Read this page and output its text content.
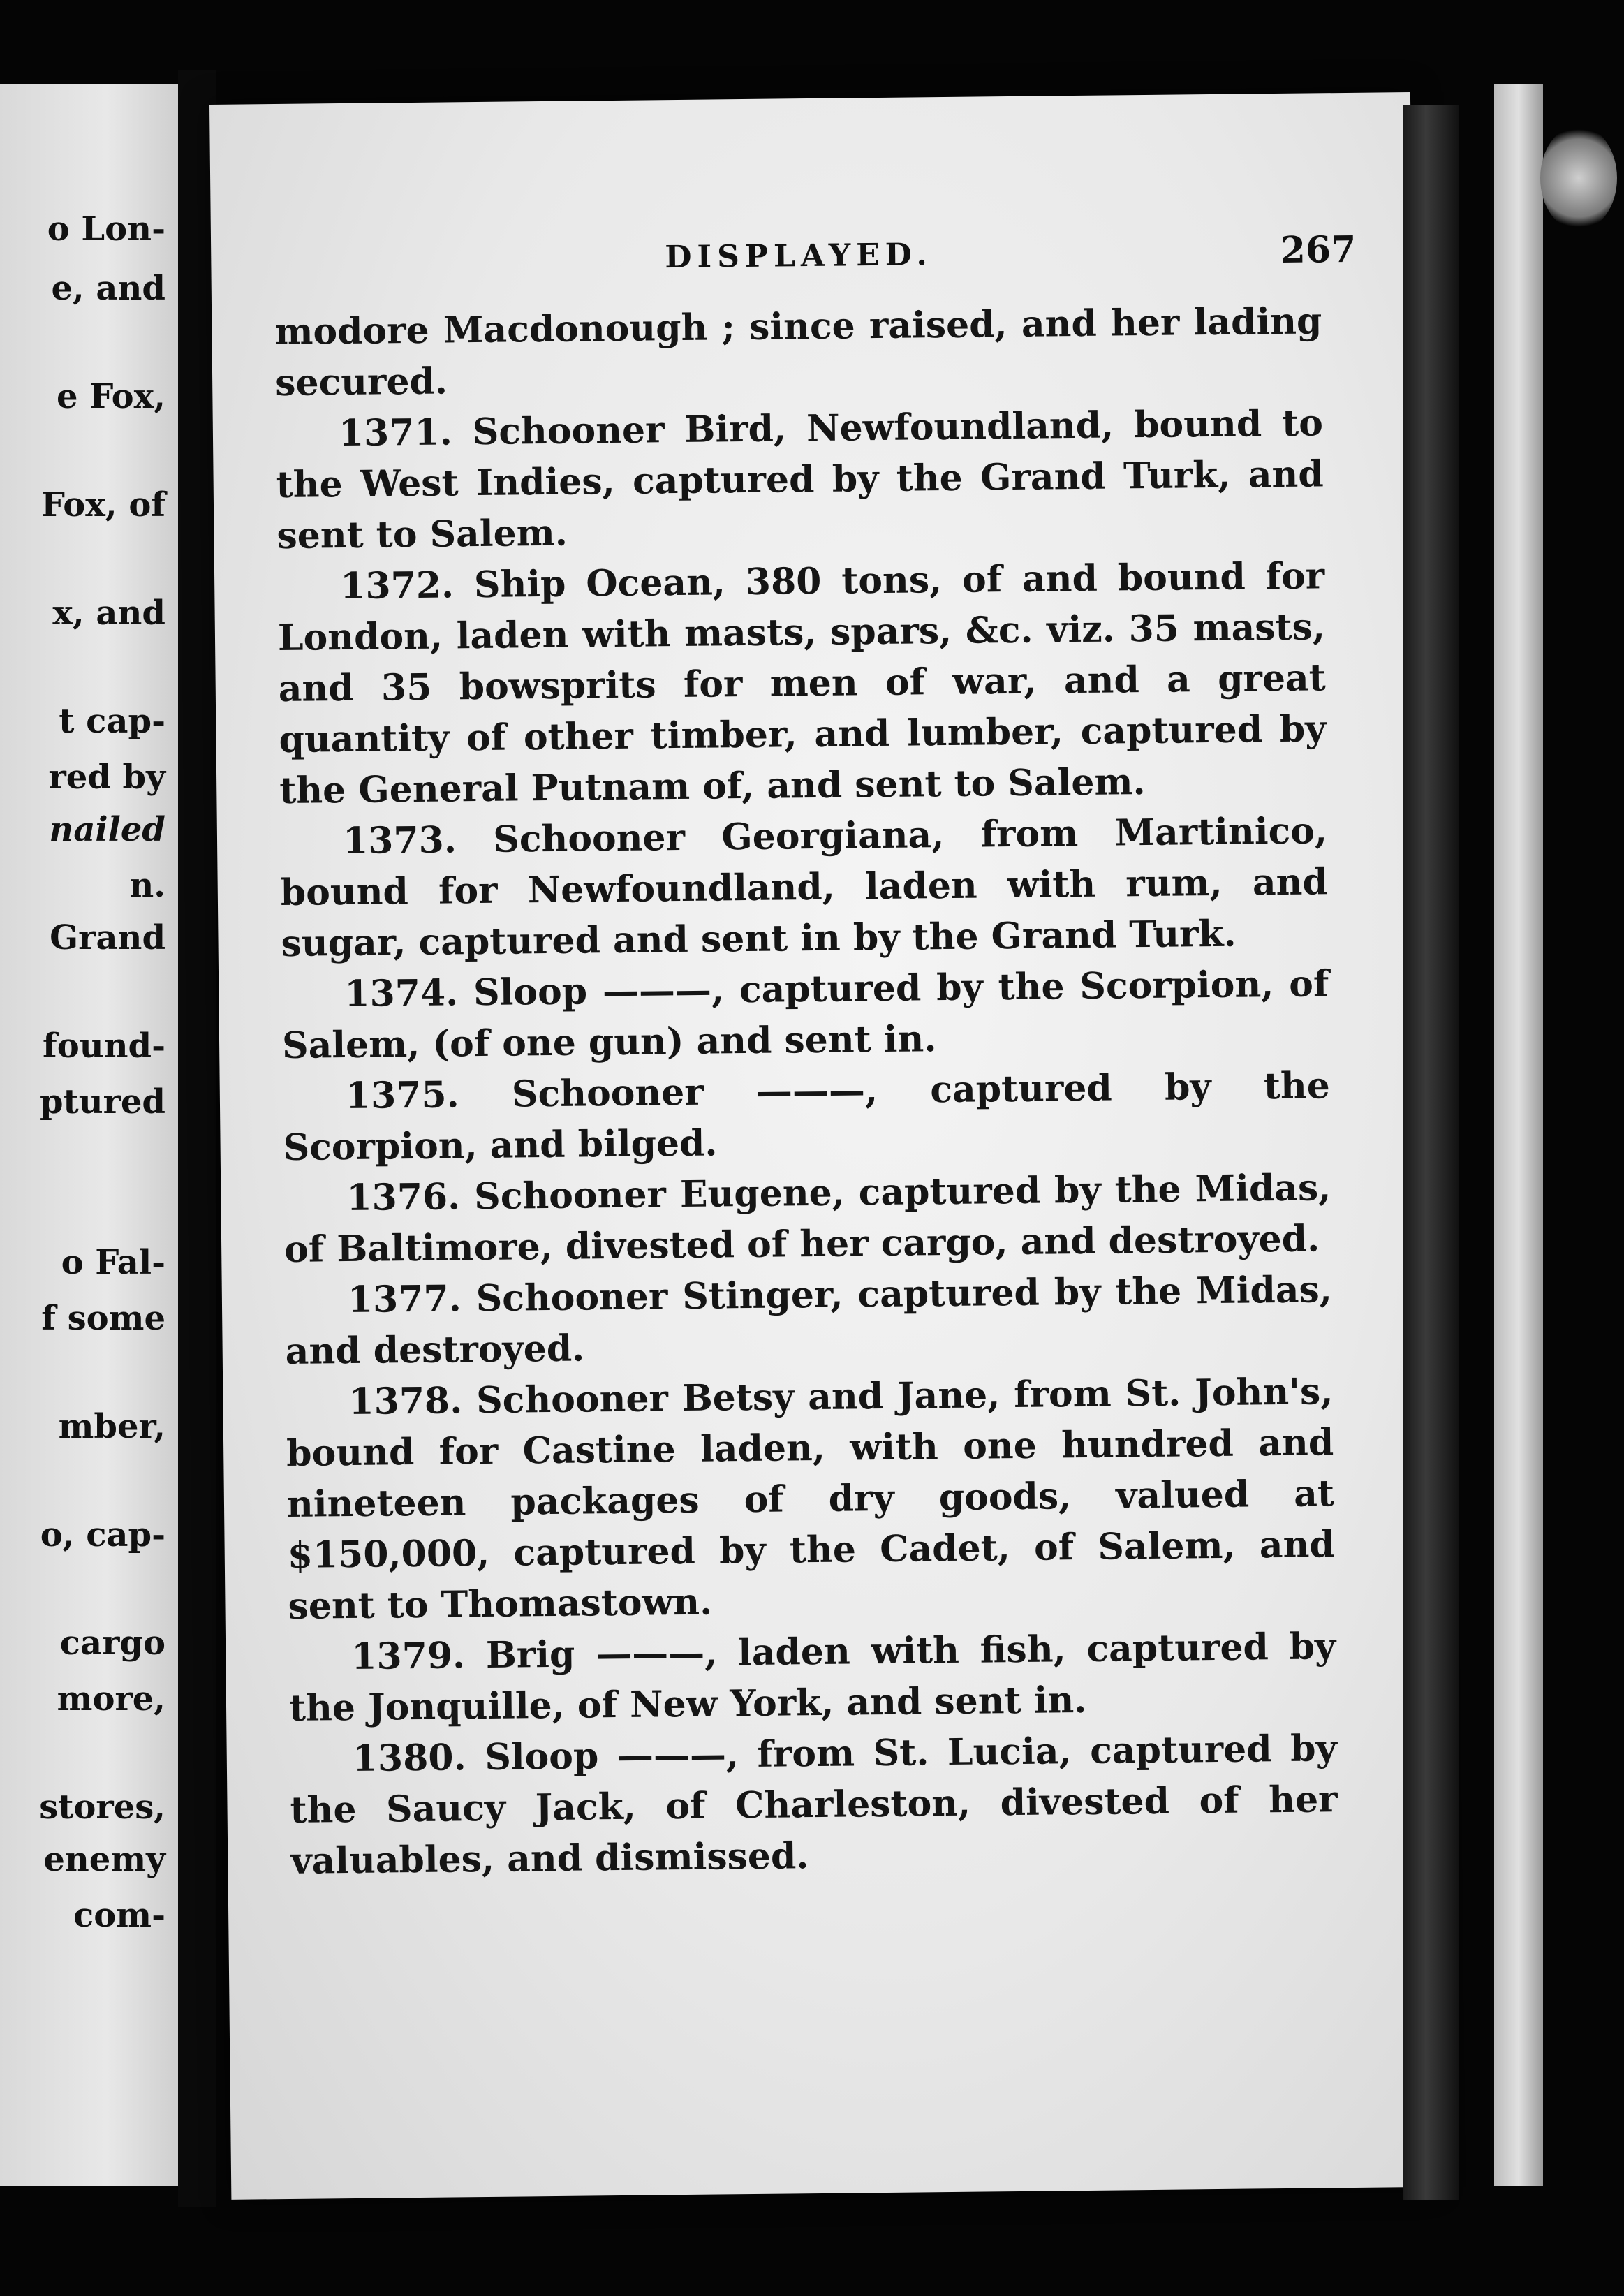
o Lon-
e, and
e Fox,
Fox, of
x, and
t cap-
red by
nailed
n.
Grand
found-
ptured
o Fal-
f some
mber,
o, cap-
cargo
more,
stores,
enemy
com-
DISPLAYED.	267

modore Macdonough ; since raised, and her lading secured.

1371. Schooner Bird, Newfoundland, bound to the West Indies, captured by the Grand Turk, and sent to Salem.

1372. Ship Ocean, 380 tons, of and bound for London, laden with masts, spars, &c. viz. 35 masts, and 35 bowsprits for men of war, and a great quantity of other timber, and lumber, captured by the General Putnam of, and sent to Salem.

1373. Schooner Georgiana, from Martinico, bound for Newfoundland, laden with rum, and sugar, captured and sent in by the Grand Turk.

1374. Sloop ———, captured by the Scorpion, of Salem, (of one gun) and sent in.

1375. Schooner ———, captured by the Scorpion, and bilged.

1376. Schooner Eugene, captured by the Midas, of Baltimore, divested of her cargo, and destroyed.

1377. Schooner Stinger, captured by the Midas, and destroyed.

1378. Schooner Betsy and Jane, from St. John's, bound for Castine laden, with one hundred and nineteen packages of dry goods, valued at $150,000, captured by the Cadet, of Salem, and sent to Thomastown.

1379. Brig ———, laden with fish, captured by the Jonquille, of New York, and sent in.

1380. Sloop ———, from St. Lucia, captured by the Saucy Jack, of Charleston, divested of her valuables, and dismissed.
